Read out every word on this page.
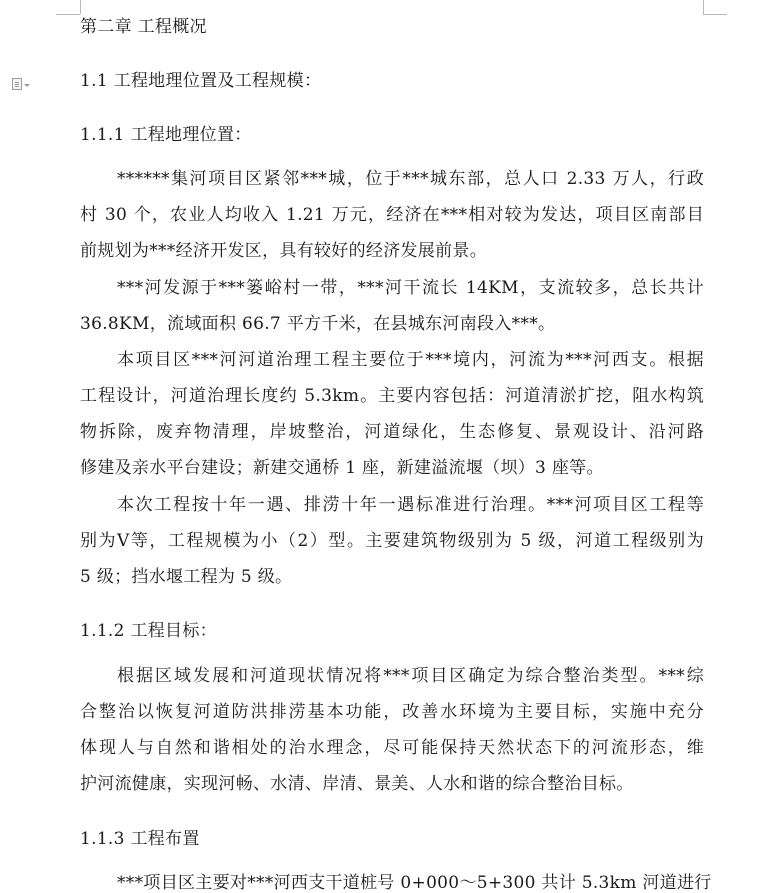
第二章 工程概况
1.1 工程地理位置及工程规模：
1.1.1 工程地理位置：
******集河项目区紧邻***城，位于***城东部，总人口 2.33 万人，行政
村 30 个，农业人均收入 1.21 万元，经济在***相对较为发达，项目区南部目
前规划为***经济开发区，具有较好的经济发展前景。
***河发源于***篓峪村一带，***河干流长 14KM，支流较多，总长共计
36.8KM，流域面积 66.7 平方千米，在县城东河南段入***。
本项目区***河河道治理工程主要位于***境内，河流为***河西支。根据
工程设计，河道治理长度约 5.3km。主要内容包括：河道清淤扩挖，阻水构筑
物拆除，废弃物清理，岸坡整治，河道绿化，生态修复、景观设计、沿河路
修建及亲水平台建设；新建交通桥 1 座，新建溢流堰（坝）3 座等。
本次工程按十年一遇、排涝十年一遇标准进行治理。***河项目区工程等
别为Ⅴ等，工程规模为小（2）型。主要建筑物级别为 5 级，河道工程级别为
5 级；挡水堰工程为 5 级。
1.1.2 工程目标：
根据区域发展和河道现状情况将***项目区确定为综合整治类型。***综
合整治以恢复河道防洪排涝基本功能，改善水环境为主要目标，实施中充分
体现人与自然和谐相处的治水理念，尽可能保持天然状态下的河流形态，维
护河流健康，实现河畅、水清、岸清、景美、人水和谐的综合整治目标。
1.1.3 工程布置
***项目区主要对***河西支干道桩号 0+000～5+300 共计 5.3km 河道进行
